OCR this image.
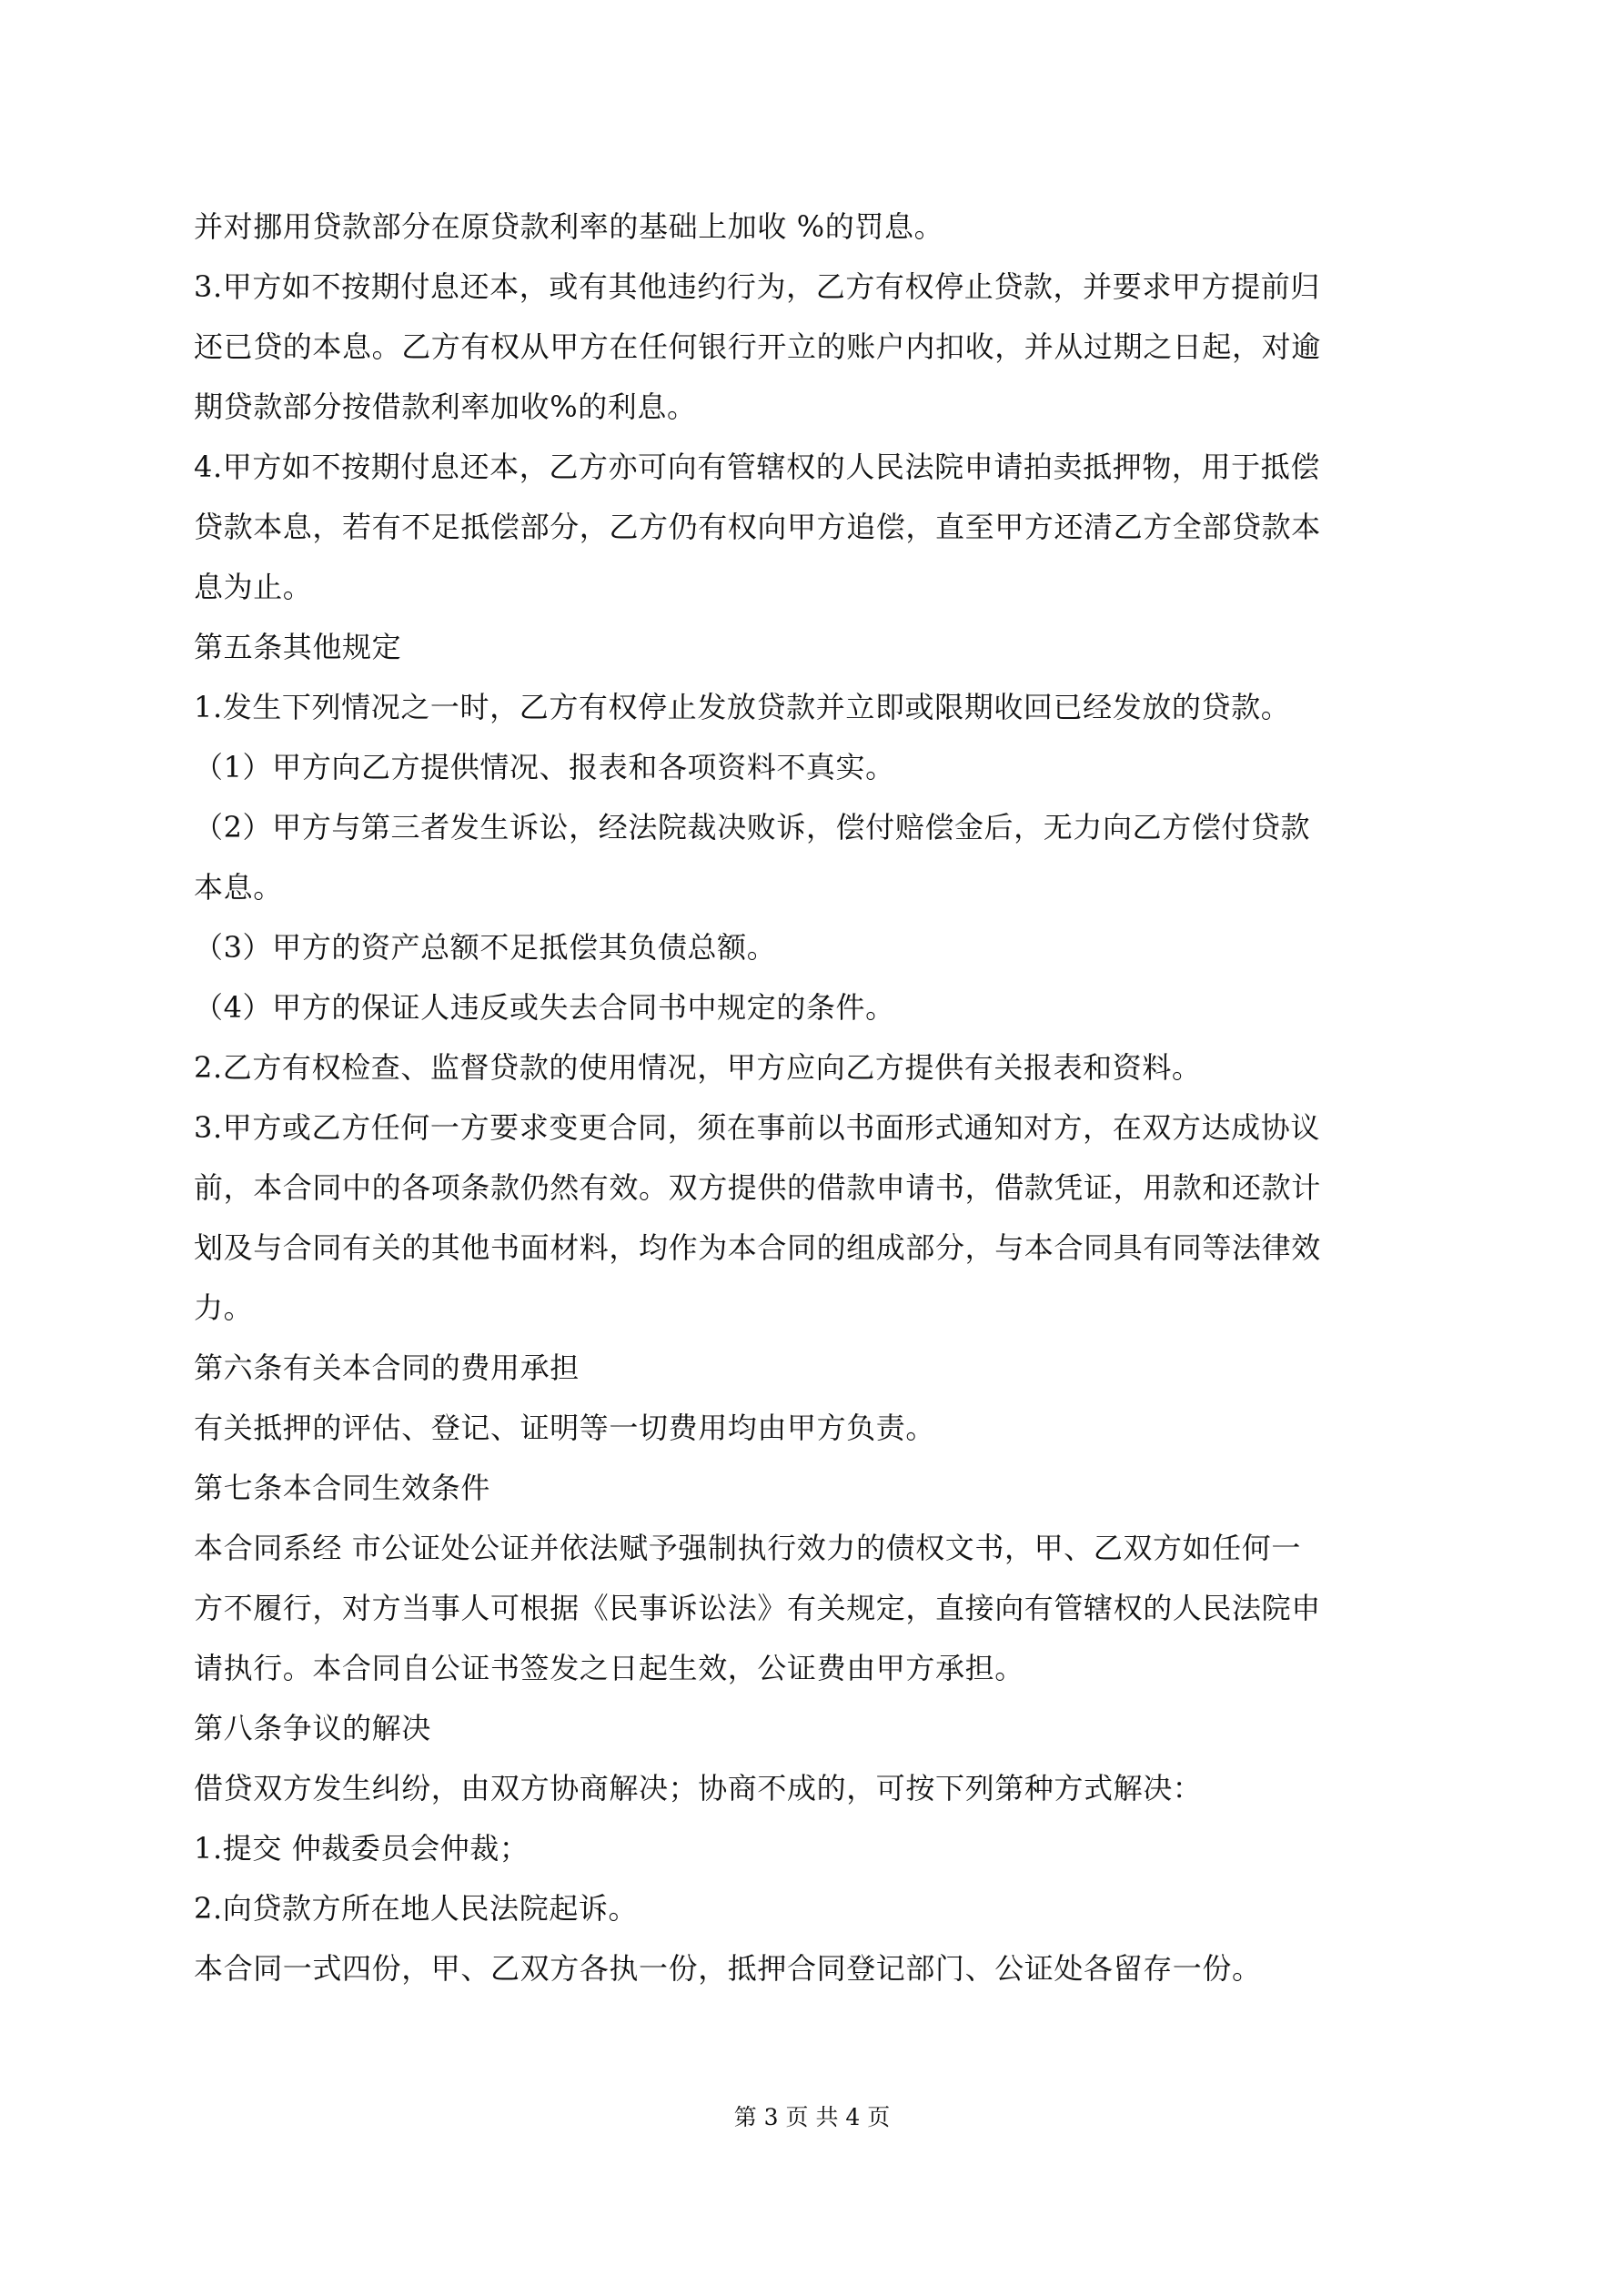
并对挪用贷款部分在原贷款利率的基础上加收 %的罚息。
3.甲方如不按期付息还本，或有其他违约行为，乙方有权停止贷款，并要求甲方提前归
还已贷的本息。乙方有权从甲方在任何银行开立的账户内扣收，并从过期之日起，对逾
期贷款部分按借款利率加收%的利息。
4.甲方如不按期付息还本，乙方亦可向有管辖权的人民法院申请拍卖抵押物，用于抵偿
贷款本息，若有不足抵偿部分，乙方仍有权向甲方追偿，直至甲方还清乙方全部贷款本
息为止。
第五条其他规定
1.发生下列情况之一时，乙方有权停止发放贷款并立即或限期收回已经发放的贷款。
（1）甲方向乙方提供情况、报表和各项资料不真实。
（2）甲方与第三者发生诉讼，经法院裁决败诉，偿付赔偿金后，无力向乙方偿付贷款
本息。
（3）甲方的资产总额不足抵偿其负债总额。
（4）甲方的保证人违反或失去合同书中规定的条件。
2.乙方有权检查、监督贷款的使用情况，甲方应向乙方提供有关报表和资料。
3.甲方或乙方任何一方要求变更合同，须在事前以书面形式通知对方，在双方达成协议
前，本合同中的各项条款仍然有效。双方提供的借款申请书，借款凭证，用款和还款计
划及与合同有关的其他书面材料，均作为本合同的组成部分，与本合同具有同等法律效
力。
第六条有关本合同的费用承担
有关抵押的评估、登记、证明等一切费用均由甲方负责。
第七条本合同生效条件
本合同系经 市公证处公证并依法赋予强制执行效力的债权文书，甲、乙双方如任何一
方不履行，对方当事人可根据《民事诉讼法》有关规定，直接向有管辖权的人民法院申
请执行。本合同自公证书签发之日起生效，公证费由甲方承担。
第八条争议的解决
借贷双方发生纠纷，由双方协商解决；协商不成的，可按下列第种方式解决：
1.提交 仲裁委员会仲裁；
2.向贷款方所在地人民法院起诉。
本合同一式四份，甲、乙双方各执一份，抵押合同登记部门、公证处各留存一份。
第 3 页 共 4 页
